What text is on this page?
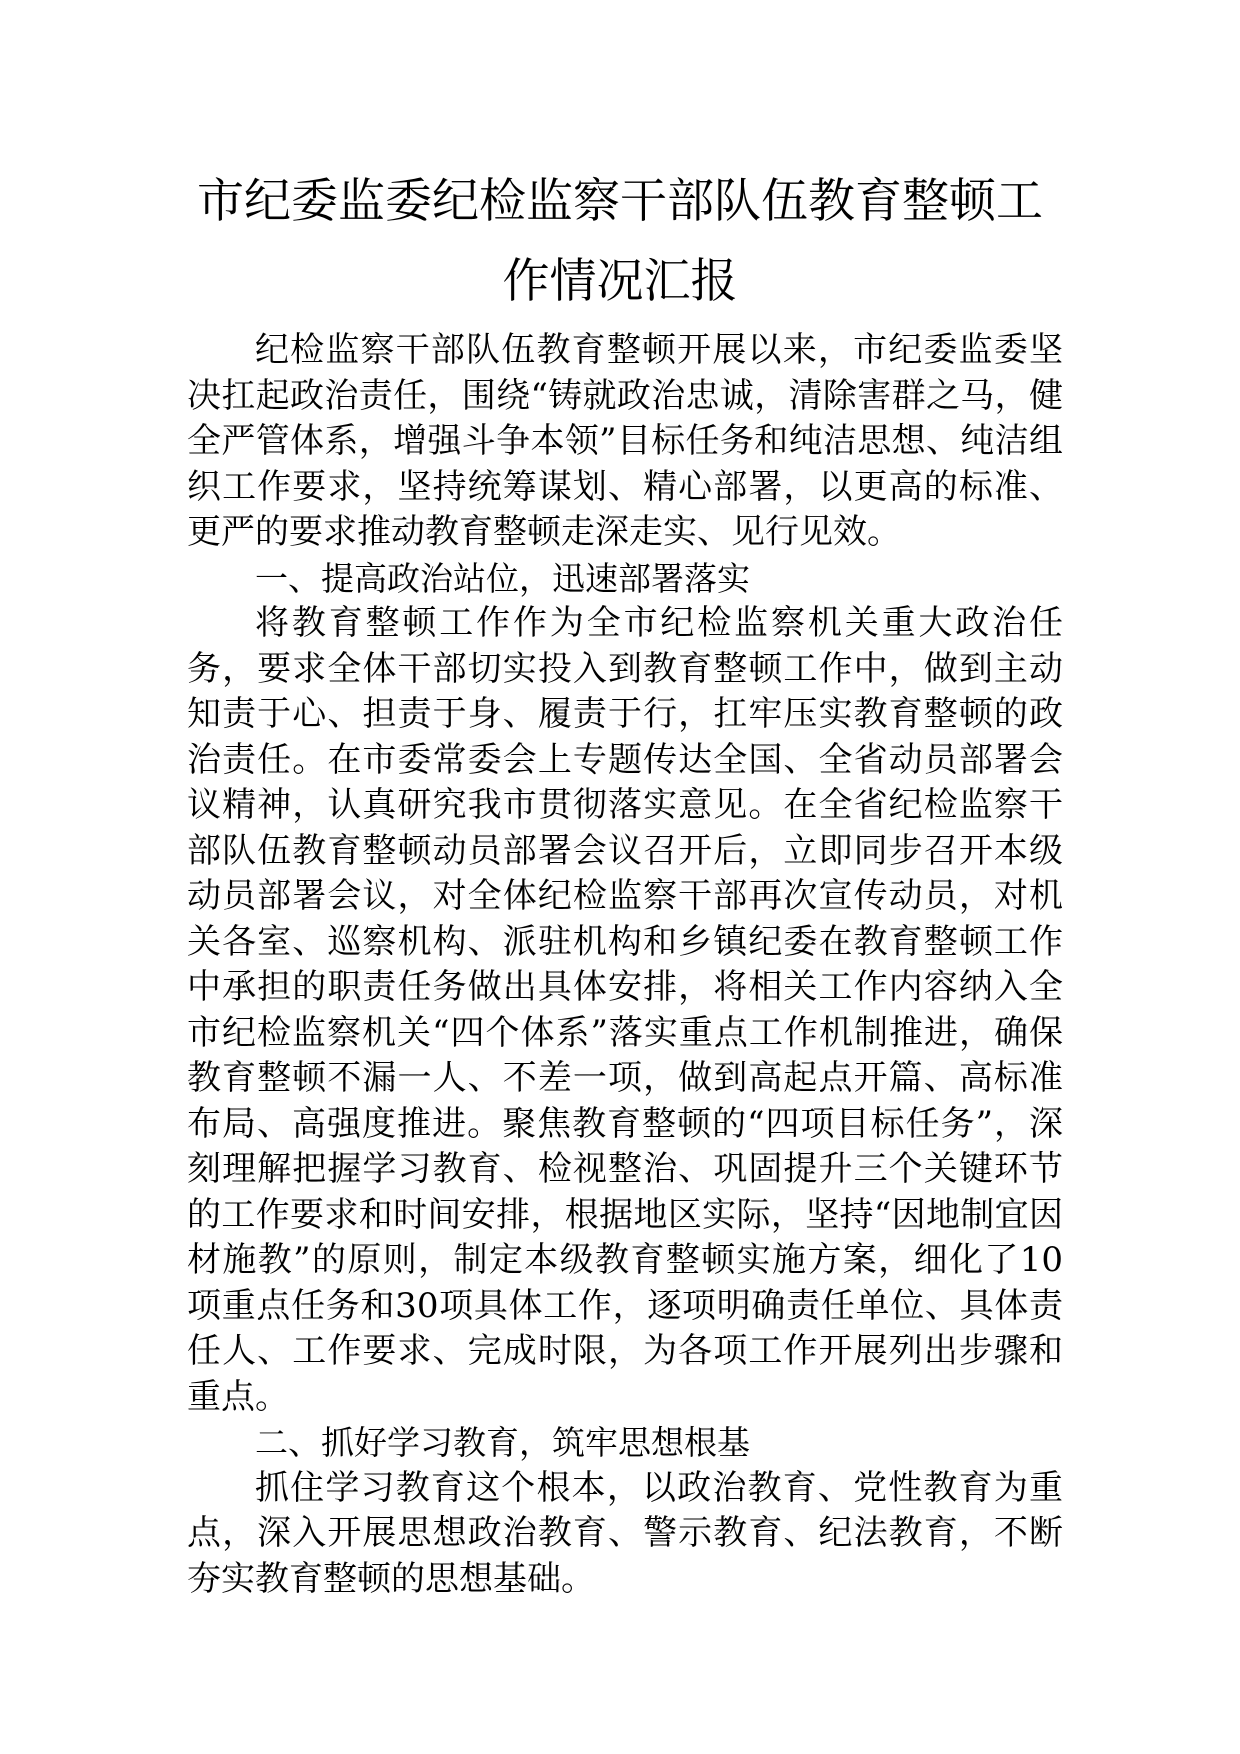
市纪委监委纪检监察干部队伍教育整顿工
作情况汇报

纪检监察干部队伍教育整顿开展以来，市纪委监委坚决扛起政治责任，围绕“铸就政治忠诚，清除害群之马，健全严管体系，增强斗争本领”目标任务和纯洁思想、纯洁组织工作要求，坚持统筹谋划、精心部署，以更高的标准、更严的要求推动教育整顿走深走实、见行见效。

一、提高政治站位，迅速部署落实

将教育整顿工作作为全市纪检监察机关重大政治任务，要求全体干部切实投入到教育整顿工作中，做到主动知责于心、担责于身、履责于行，扛牢压实教育整顿的政治责任。在市委常委会上专题传达全国、全省动员部署会议精神，认真研究我市贯彻落实意见。在全省纪检监察干部队伍教育整顿动员部署会议召开后，立即同步召开本级动员部署会议，对全体纪检监察干部再次宣传动员，对机关各室、巡察机构、派驻机构和乡镇纪委在教育整顿工作中承担的职责任务做出具体安排，将相关工作内容纳入全市纪检监察机关“四个体系”落实重点工作机制推进，确保教育整顿不漏一人、不差一项，做到高起点开篇、高标准布局、高强度推进。聚焦教育整顿的“四项目标任务”，深刻理解把握学习教育、检视整治、巩固提升三个关键环节的工作要求和时间安排，根据地区实际，坚持“因地制宜因材施教”的原则，制定本级教育整顿实施方案，细化了10项重点任务和30项具体工作，逐项明确责任单位、具体责任人、工作要求、完成时限，为各项工作开展列出步骤和重点。

二、抓好学习教育，筑牢思想根基

抓住学习教育这个根本，以政治教育、党性教育为重点，深入开展思想政治教育、警示教育、纪法教育，不断夯实教育整顿的思想基础。
